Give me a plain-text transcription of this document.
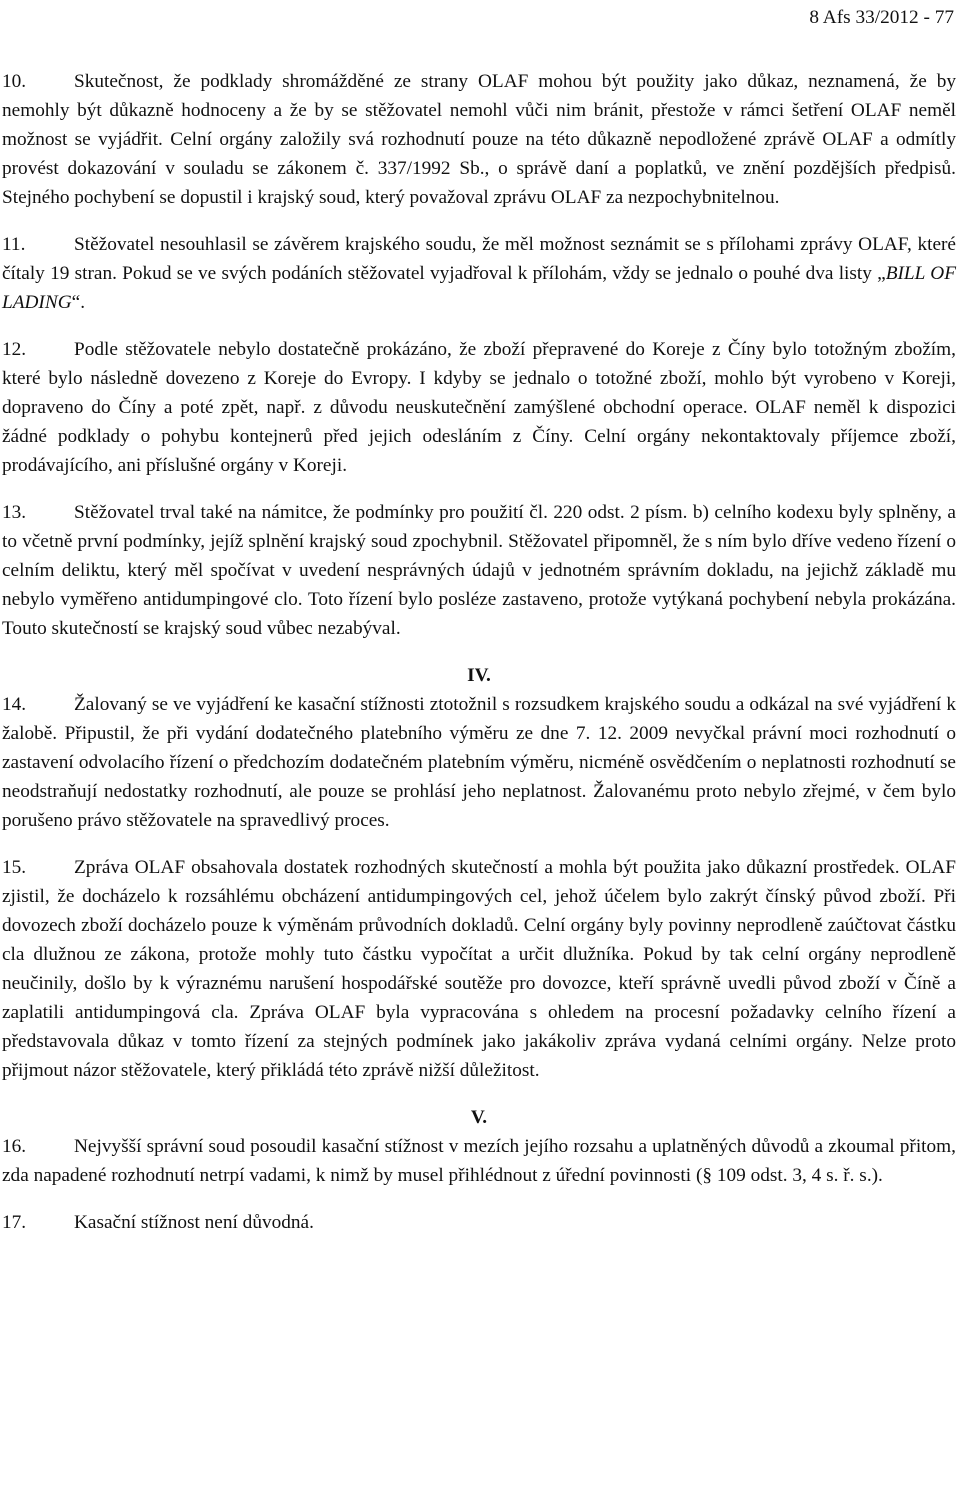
8 Afs 33/2012 - 77

10. Skutečnost, že podklady shromážděné ze strany OLAF mohou být použity jako důkaz, neznamená, že by nemohly být důkazně hodnoceny a že by se stěžovatel nemohl vůči nim bránit, přestože v rámci šetření OLAF neměl možnost se vyjádřit. Celní orgány založily svá rozhodnutí pouze na této důkazně nepodložené zprávě OLAF a odmítly provést dokazování v souladu se zákonem č. 337/1992 Sb., o správě daní a poplatků, ve znění pozdějších předpisů. Stejného pochybení se dopustil i krajský soud, který považoval zprávu OLAF za nezpochybnitelnou.

11.	Stěžovatel nesouhlasil se závěrem krajského soudu, že měl možnost seznámit se s přílohami zprávy OLAF, které čítaly 19 stran. Pokud se ve svých podáních stěžovatel vyjadřoval k přílohám, vždy se jednalo o pouhé dva listy „BILL OF LADING“.

12. Podle stěžovatele nebylo dostatečně prokázáno, že zboží přepravené do Koreje z Číny bylo totožným zbožím, které bylo následně dovezeno z Koreje do Evropy. I kdyby se jednalo o totožné zboží, mohlo být vyrobeno v Koreji, dopraveno do Číny a poté zpět, např. z důvodu neuskutečnění zamýšlené obchodní operace. OLAF neměl k dispozici žádné podklady o pohybu kontejnerů před jejich odesláním z Číny. Celní orgány nekontaktovaly příjemce zboží, prodávajícího, ani příslušné orgány v Koreji.

13. Stěžovatel trval také na námitce, že podmínky pro použití čl. 220 odst. 2 písm. b) celního kodexu byly splněny, a to včetně první podmínky, jejíž splnění krajský soud zpochybnil. Stěžovatel připomněl, že s ním bylo dříve vedeno řízení o celním deliktu, který měl spočívat v uvedení nesprávných údajů v jednotném správním dokladu, na jejichž základě mu nebylo vyměřeno antidumpingové clo. Toto řízení bylo posléze zastaveno, protože vytýkaná pochybení nebyla prokázána. Touto skutečností se krajský soud vůbec nezabýval.

IV.

14. Žalovaný se ve vyjádření ke kasační stížnosti ztotožnil s rozsudkem krajského soudu a odkázal na své vyjádření k žalobě. Připustil, že při vydání dodatečného platebního výměru ze dne 7. 12. 2009 nevyčkal právní moci rozhodnutí o zastavení odvolacího řízení o předchozím dodatečném platebním výměru, nicméně osvědčením o neplatnosti rozhodnutí se neodstraňují nedostatky rozhodnutí, ale pouze se prohlásí jeho neplatnost. Žalovanému proto nebylo zřejmé, v čem bylo porušeno právo stěžovatele na spravedlivý proces.

15. Zpráva OLAF obsahovala dostatek rozhodných skutečností a mohla být použita jako důkazní prostředek. OLAF zjistil, že docházelo k rozsáhlému obcházení antidumpingových cel, jehož účelem bylo zakrýt čínský původ zboží. Při dovozech zboží docházelo pouze k výměnám průvodních dokladů. Celní orgány byly povinny neprodleně zaúčtovat částku cla dlužnou ze zákona, protože mohly tuto částku vypočítat a určit dlužníka. Pokud by tak celní orgány neprodleně neučinily, došlo by k výraznému narušení hospodářské soutěže pro dovozce, kteří správně uvedli původ zboží v Číně a zaplatili antidumpingová cla. Zpráva OLAF byla vypracována s ohledem na procesní požadavky celního řízení a představovala důkaz v tomto řízení za stejných podmínek jako jakákoliv zpráva vydaná celními orgány. Nelze proto přijmout názor stěžovatele, který přikládá této zprávě nižší důležitost.

V.

16. Nejvyšší správní soud posoudil kasační stížnost v mezích jejího rozsahu a uplatněných důvodů a zkoumal přitom, zda napadené rozhodnutí netrpí vadami, k nimž by musel přihlédnout z úřední povinnosti (§ 109 odst. 3, 4 s. ř. s.).

17. Kasační stížnost není důvodná.
